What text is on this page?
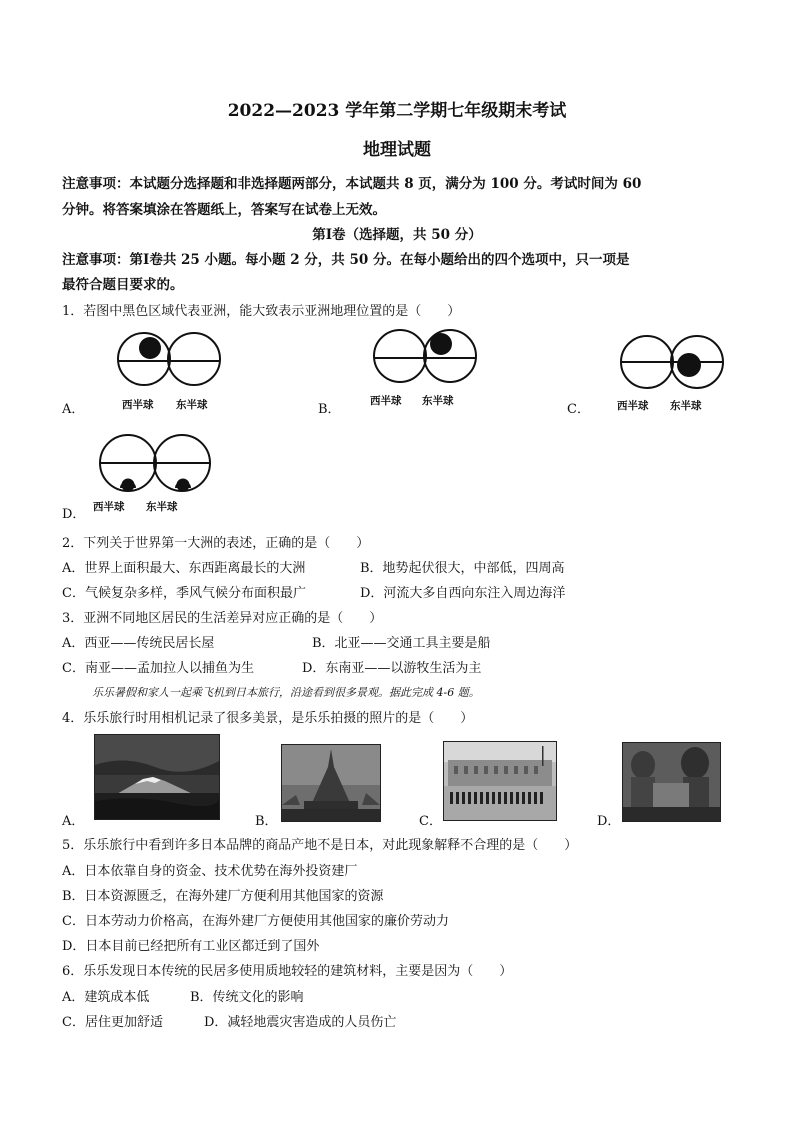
2022—2023 学年第二学期七年级期末考试
地理试题
注意事项：本试题分选择题和非选择题两部分，本试题共 8 页，满分为 100 分。考试时间为 60
分钟。将答案填涂在答题纸上，答案写在试卷上无效。
第Ⅰ卷（选择题，共 50 分）
注意事项：第Ⅰ卷共 25 小题。每小题 2 分，共 50 分。在每小题给出的四个选项中，只一项是
最符合题目要求的。
1．若图中黑色区域代表亚洲，能大致表示亚洲地理位置的是（　　）
A．	西半球 东半球	B．
西半球 东半球
C．	西半球 东半球
D． 西半球 东半球
2．下列关于世界第一大洲的表述，正确的是（　　）
A．世界上面积最大、东西距离最长的大洲	B．地势起伏很大，中部低，四周高
C．气候复杂多样，季风气候分布面积最广	D．河流大多自西向东注入周边海洋
3．亚洲不同地区居民的生活差异对应正确的是（　　）
A．西亚——传统民居长屋	B．北亚——交通工具主要是船
C．南亚——孟加拉人以捕鱼为生	D．东南亚——以游牧生活为主
乐乐暑假和家人一起乘飞机到日本旅行，沿途看到很多景观。据此完成 4-6 题。
4．乐乐旅行时用相机记录了很多美景，是乐乐拍摄的照片的是（　　）
A．	B．	C．	D．
5．乐乐旅行中看到许多日本品牌的商品产地不是日本，对此现象解释不合理的是（　　）
A．日本依靠自身的资金、技术优势在海外投资建厂
B．日本资源匮乏，在海外建厂方便利用其他国家的资源
C．日本劳动力价格高，在海外建厂方便使用其他国家的廉价劳动力
D．日本目前已经把所有工业区都迁到了国外
6．乐乐发现日本传统的民居多使用质地较轻的建筑材料，主要是因为（　　）
A．建筑成本低	B．传统文化的影响
C．居住更加舒适	D．减轻地震灾害造成的人员伤亡
